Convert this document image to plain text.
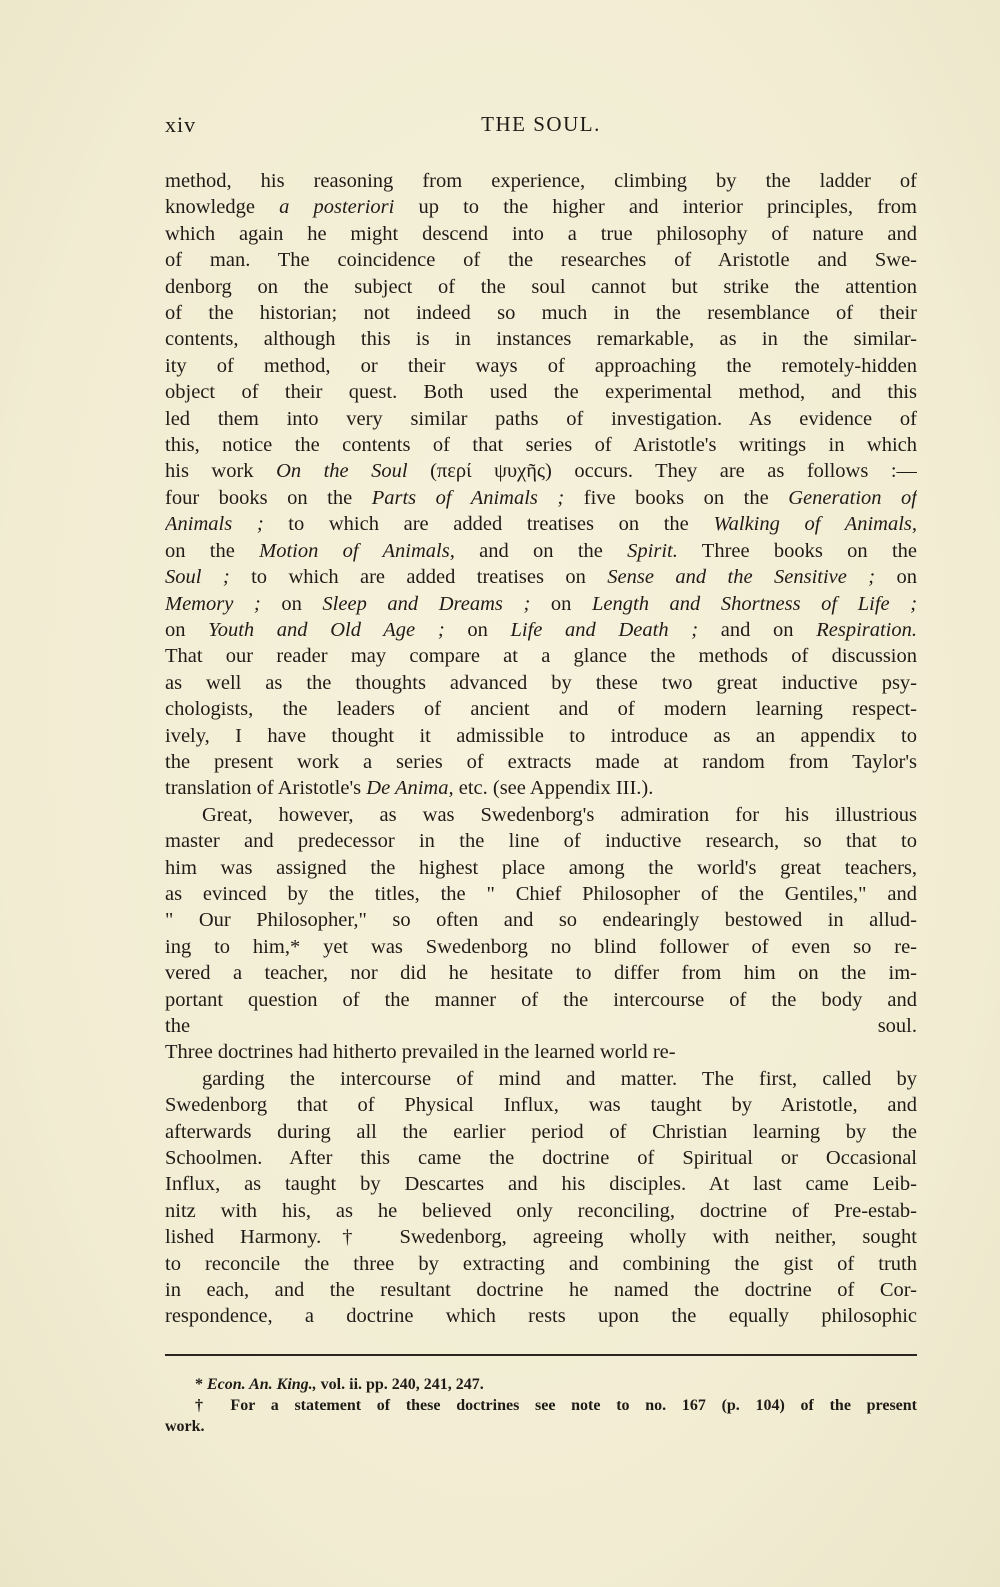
xiv	THE SOUL.
method, his reasoning from experience, climbing by the ladder of
knowledge a posteriori up to the higher and interior principles, from
which again he might descend into a true philosophy of nature and
of man. The coincidence of the researches of Aristotle and Swe-
denborg on the subject of the soul cannot but strike the attention
of the historian; not indeed so much in the resemblance of their
contents, although this is in instances remarkable, as in the similar-
ity of method, or their ways of approaching the remotely-hidden
object of their quest. Both used the experimental method, and this
led them into very similar paths of investigation. As evidence of
this, notice the contents of that series of Aristotle's writings in which
his work On the Soul (περί ψυχῆς) occurs. They are as follows :—
four books on the Parts of Animals ; five books on the Generation of
Animals ; to which are added treatises on the Walking of Animals,
on the Motion of Animals, and on the Spirit. Three books on the
Soul ; to which are added treatises on Sense and the Sensitive ; on
Memory ; on Sleep and Dreams ; on Length and Shortness of Life ;
on Youth and Old Age ; on Life and Death ; and on Respiration.
That our reader may compare at a glance the methods of discussion
as well as the thoughts advanced by these two great inductive psy-
chologists, the leaders of ancient and of modern learning respect-
ively, I have thought it admissible to introduce as an appendix to
the present work a series of extracts made at random from Taylor's
translation of Aristotle's De Anima, etc. (see Appendix III.).
Great, however, as was Swedenborg's admiration for his illustrious
master and predecessor in the line of inductive research, so that to
him was assigned the highest place among the world's great teachers,
as evinced by the titles, the " Chief Philosopher of the Gentiles," and
" Our Philosopher," so often and so endearingly bestowed in allud-
ing to him,* yet was Swedenborg no blind follower of even so re-
vered a teacher, nor did he hesitate to differ from him on the im-
portant question of the manner of the intercourse of the body and
the soul.
Three doctrines had hitherto prevailed in the learned world re-
garding the intercourse of mind and matter. The first, called by
Swedenborg that of Physical Influx, was taught by Aristotle, and
afterwards during all the earlier period of Christian learning by the
Schoolmen. After this came the doctrine of Spiritual or Occasional
Influx, as taught by Descartes and his disciples. At last came Leib-
nitz with his, as he believed only reconciling, doctrine of Pre-estab-
lished Harmony.† Swedenborg, agreeing wholly with neither, sought
to reconcile the three by extracting and combining the gist of truth
in each, and the resultant doctrine he named the doctrine of Cor-
respondence, a doctrine which rests upon the equally philosophic
* Econ. An. King., vol. ii. pp. 240, 241, 247.
† For a statement of these doctrines see note to no. 167 (p. 104) of the present
work.
